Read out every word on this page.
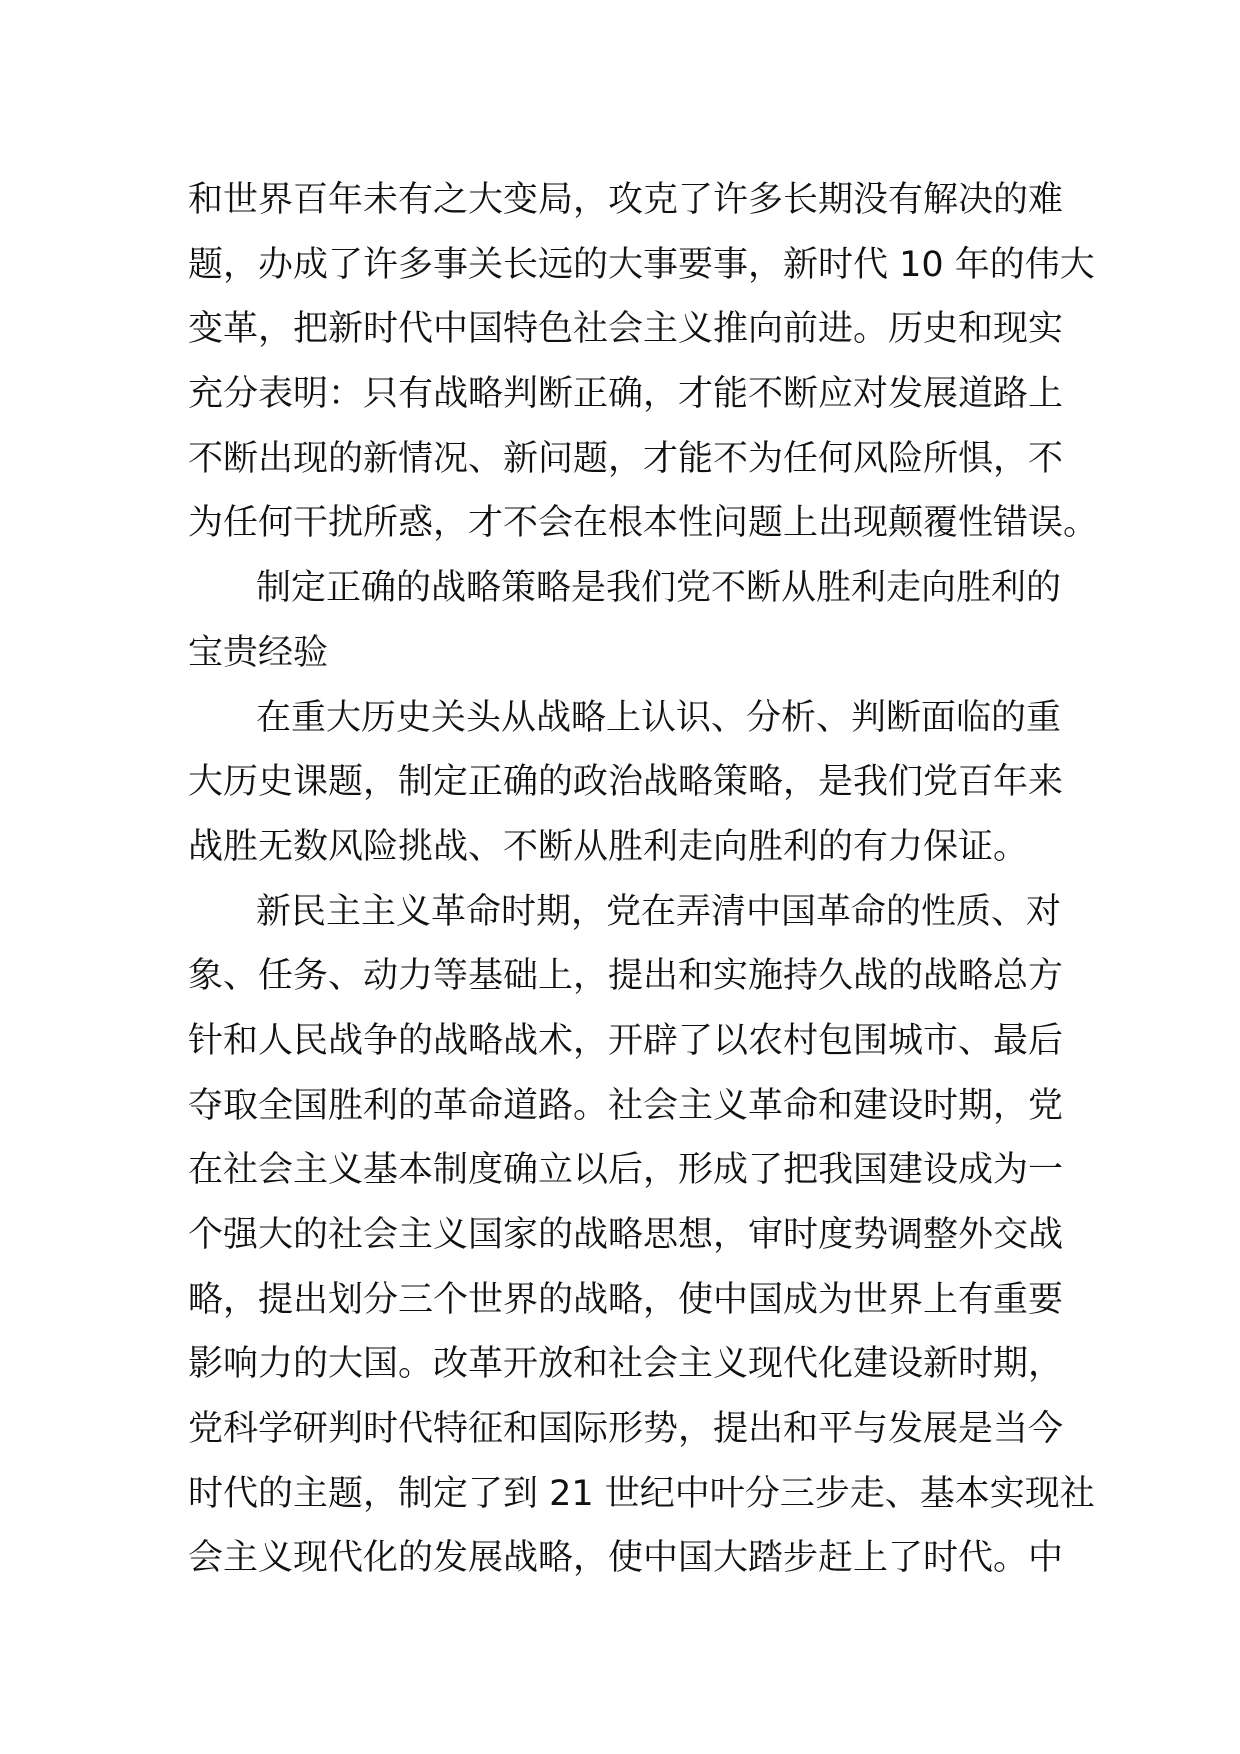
和世界百年未有之大变局，攻克了许多长期没有解决的难
题，办成了许多事关长远的大事要事，新时代 10 年的伟大
变革，把新时代中国特色社会主义推向前进。历史和现实
充分表明：只有战略判断正确，才能不断应对发展道路上
不断出现的新情况、新问题，才能不为任何风险所惧，不
为任何干扰所惑，才不会在根本性问题上出现颠覆性错误。
制定正确的战略策略是我们党不断从胜利走向胜利的
宝贵经验
在重大历史关头从战略上认识、分析、判断面临的重
大历史课题，制定正确的政治战略策略，是我们党百年来
战胜无数风险挑战、不断从胜利走向胜利的有力保证。
新民主主义革命时期，党在弄清中国革命的性质、对
象、任务、动力等基础上，提出和实施持久战的战略总方
针和人民战争的战略战术，开辟了以农村包围城市、最后
夺取全国胜利的革命道路。社会主义革命和建设时期，党
在社会主义基本制度确立以后，形成了把我国建设成为一
个强大的社会主义国家的战略思想，审时度势调整外交战
略，提出划分三个世界的战略，使中国成为世界上有重要
影响力的大国。改革开放和社会主义现代化建设新时期，
党科学研判时代特征和国际形势，提出和平与发展是当今
时代的主题，制定了到 21 世纪中叶分三步走、基本实现社
会主义现代化的发展战略，使中国大踏步赶上了时代。中
